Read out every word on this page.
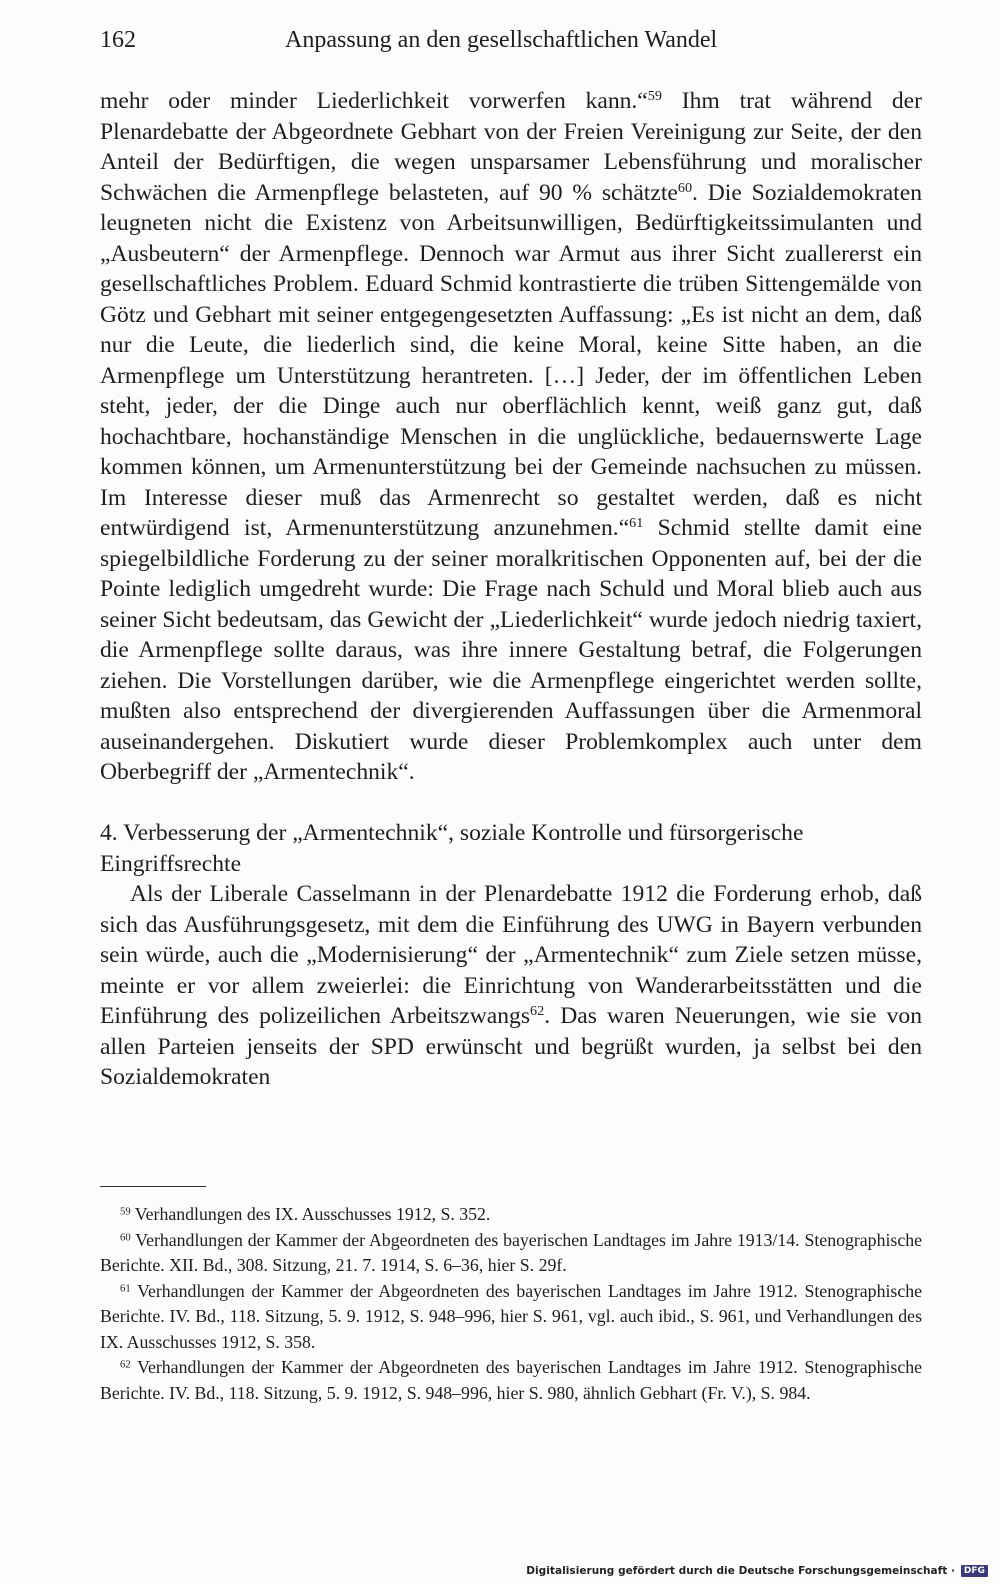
162	Anpassung an den gesellschaftlichen Wandel

mehr oder minder Liederlichkeit vorwerfen kann.“$^{59}$ Ihm trat während der Plenardebatte der Abgeordnete Gebhart von der Freien Vereinigung zur Seite, der den Anteil der Bedürftigen, die wegen unsparsamer Lebensführung und moralischer Schwächen die Armenpflege belasteten, auf 90 % schätzte$^{60}$. Die Sozialdemokraten leugneten nicht die Existenz von Arbeitsunwilligen, Bedürftigkeitssimulanten und „Ausbeutern“ der Armenpflege. Dennoch war Armut aus ihrer Sicht zuallererst ein gesellschaftliches Problem. Eduard Schmid kontrastierte die trüben Sittengemälde von Götz und Gebhart mit seiner entgegengesetzten Auffassung: „Es ist nicht an dem, daß nur die Leute, die liederlich sind, die keine Moral, keine Sitte haben, an die Armenpflege um Unterstützung herantreten. […] Jeder, der im öffentlichen Leben steht, jeder, der die Dinge auch nur oberflächlich kennt, weiß ganz gut, daß hochachtbare, hochanständige Menschen in die unglückliche, bedauernswerte Lage kommen können, um Armenunterstützung bei der Gemeinde nachsuchen zu müssen. Im Interesse dieser muß das Armenrecht so gestaltet werden, daß es nicht entwürdigend ist, Armenunterstützung anzunehmen.“$^{61}$ Schmid stellte damit eine spiegelbildliche Forderung zu der seiner moralkritischen Opponenten auf, bei der die Pointe lediglich umgedreht wurde: Die Frage nach Schuld und Moral blieb auch aus seiner Sicht bedeutsam, das Gewicht der „Liederlichkeit“ wurde jedoch niedrig taxiert, die Armenpflege sollte daraus, was ihre innere Gestaltung betraf, die Folgerungen ziehen. Die Vorstellungen darüber, wie die Armenpflege eingerichtet werden sollte, mußten also entsprechend der divergierenden Auffassungen über die Armenmoral auseinandergehen. Diskutiert wurde dieser Problemkomplex auch unter dem Oberbegriff der „Armentechnik“.

4. Verbesserung der „Armentechnik“, soziale Kontrolle und fürsorgerische Eingriffsrechte

Als der Liberale Casselmann in der Plenardebatte 1912 die Forderung erhob, daß sich das Ausführungsgesetz, mit dem die Einführung des UWG in Bayern verbunden sein würde, auch die „Modernisierung“ der „Armentechnik“ zum Ziele setzen müsse, meinte er vor allem zweierlei: die Einrichtung von Wanderarbeitsstätten und die Einführung des polizeilichen Arbeitszwangs$^{62}$. Das waren Neuerungen, wie sie von allen Parteien jenseits der SPD erwünscht und begrüßt wurden, ja selbst bei den Sozialdemokraten

$^{59}$ Verhandlungen des IX. Ausschusses 1912, S. 352.

$^{60}$ Verhandlungen der Kammer der Abgeordneten des bayerischen Landtages im Jahre 1913/14. Stenographische Berichte. XII. Bd., 308. Sitzung, 21. 7. 1914, S. 6–36, hier S. 29f.

$^{61}$ Verhandlungen der Kammer der Abgeordneten des bayerischen Landtages im Jahre 1912. Stenographische Berichte. IV. Bd., 118. Sitzung, 5. 9. 1912, S. 948–996, hier S. 961, vgl. auch ibid., S. 961, und Verhandlungen des IX. Ausschusses 1912, S. 358.

$^{62}$ Verhandlungen der Kammer der Abgeordneten des bayerischen Landtages im Jahre 1912. Stenographische Berichte. IV. Bd., 118. Sitzung, 5. 9. 1912, S. 948–996, hier S. 980, ähnlich Gebhart (Fr. V.), S. 984.

Digitalisierung gefördert durch die Deutsche Forschungsgemeinschaft · DFG
